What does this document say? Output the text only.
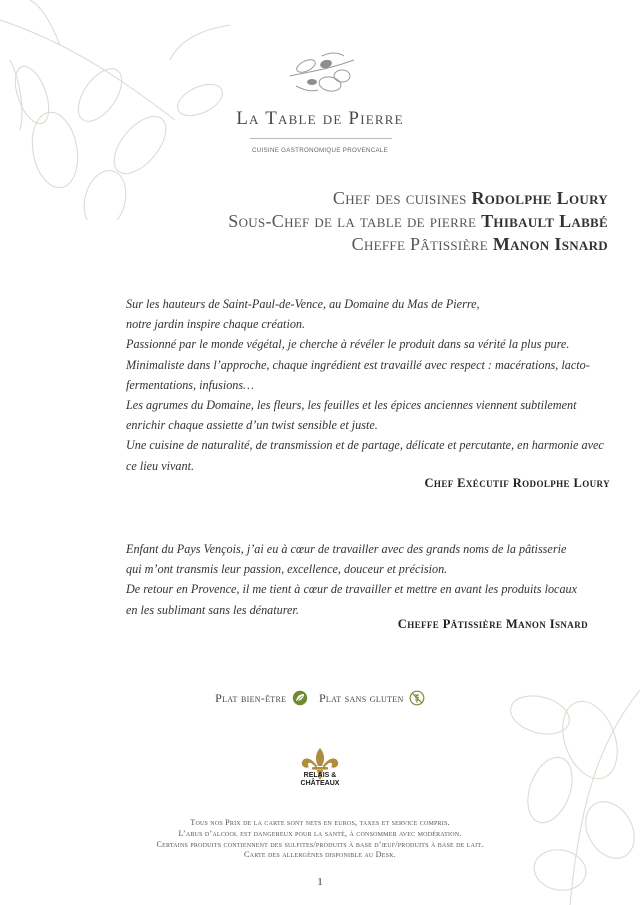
La Table de Pierre
CUISINE GASTRONOMIQUE PROVENCALE
Chef des cuisines Rodolphe Loury
Sous-Chef de la table de pierre Thibault Labbé
Cheffe Pâtissière Manon Isnard

Sur les hauteurs de Saint-Paul-de-Vence, au Domaine du Mas de Pierre,

notre jardin inspire chaque création.

Passionné par le monde végétal, je cherche à révéler le produit dans sa vérité la plus pure.

Minimaliste dans l’approche, chaque ingrédient est travaillé avec respect : macérations, lacto-

fermentations, infusions…

Les agrumes du Domaine, les fleurs, les feuilles et les épices anciennes viennent subtilement

enrichir chaque assiette d’un twist sensible et juste.

Une cuisine de naturalité, de transmission et de partage, délicate et percutante, en harmonie avec

ce lieu vivant.

Chef Exécutif Rodolphe Loury

Enfant du Pays Vençois, j’ai eu à cœur de travailler avec des grands noms de la pâtisserie

qui m’ont transmis leur passion, excellence, douceur et précision.

De retour en Provence, il me tient à cœur de travailler et mettre en avant les produits locaux

en les sublimant sans les dénaturer.

Cheffe Pâtissière Manon Isnard
Plat bien-être	Plat sans gluten
RELAIS &
CHÂTEAUX
Tous nos Prix de la carte sont nets en euros, taxes et service compris.
L’abus d’alcool est dangereux pour la santé, à consommer avec modération.
Certains produits contiennent des sulfites/produits à base d’œuf/produits à base de lait.
Carte des allergènes disponible au Desk.
1
